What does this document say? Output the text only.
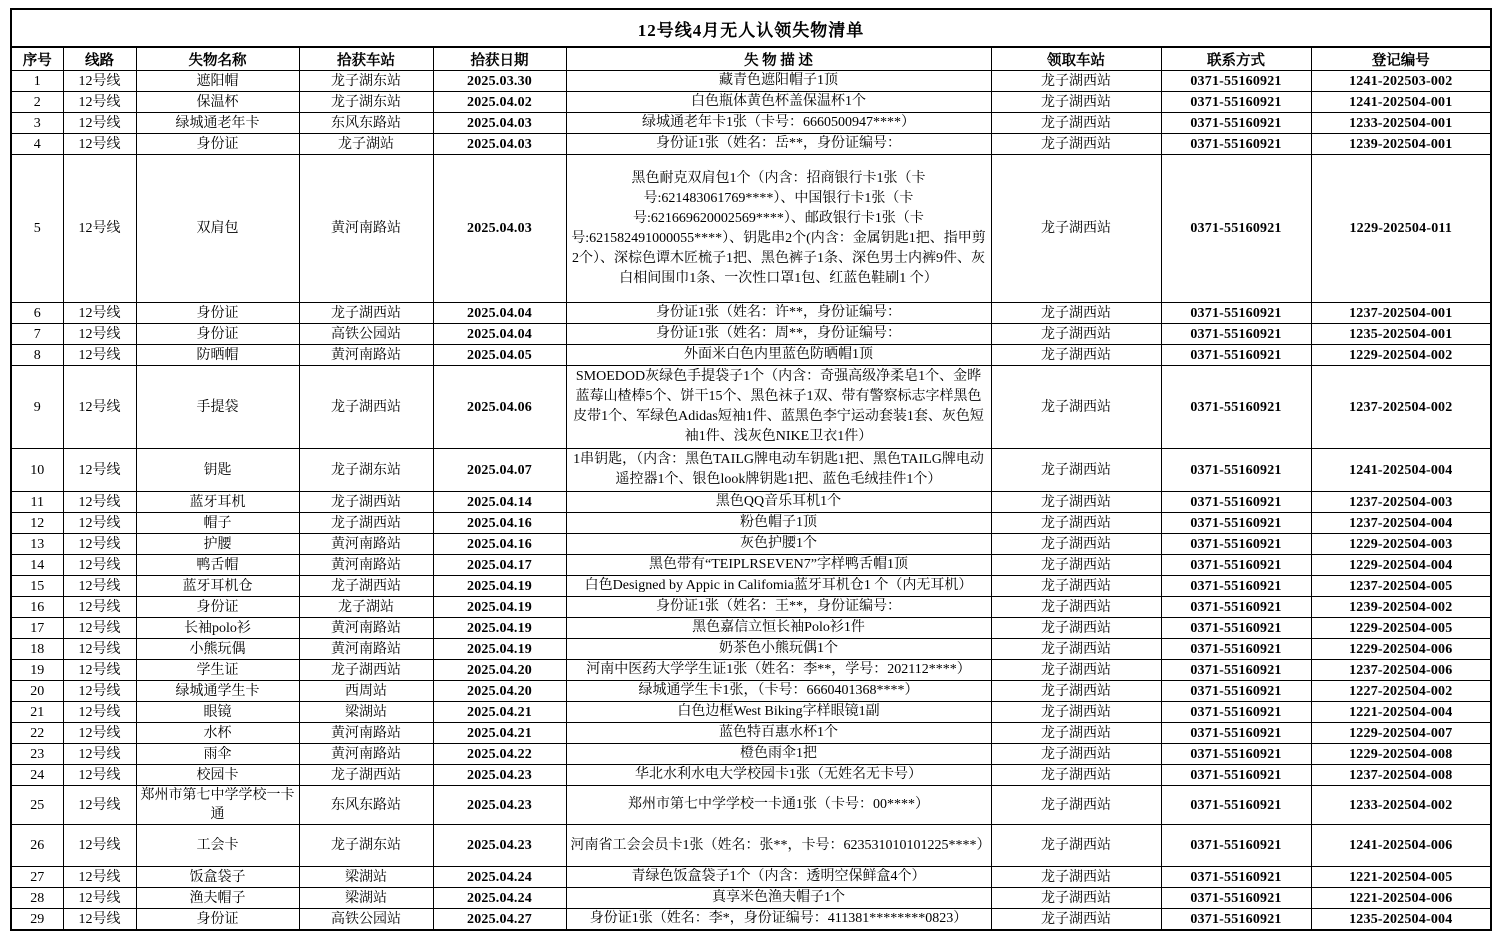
12号线4月无人认领失物清单								
序号	线路	失物名称	拾获车站	拾获日期	失 物 描 述	领取车站	联系方式	登记编号
1	12号线	遮阳帽	龙子湖东站	2025.03.30	藏青色遮阳帽子1顶	龙子湖西站	0371-55160921	1241-202503-002
2	12号线	保温杯	龙子湖东站	2025.04.02	白色瓶体黄色杯盖保温杯1个	龙子湖西站	0371-55160921	1241-202504-001
3	12号线	绿城通老年卡	东风东路站	2025.04.03	绿城通老年卡1张（卡号：6660500947****）	龙子湖西站	0371-55160921	1233-202504-001
4	12号线	身份证	龙子湖站	2025.04.03	身份证1张（姓名：岳**，身份证编号：	龙子湖西站	0371-55160921	1239-202504-001
5	12号线	双肩包	黄河南路站	2025.04.03	黑色耐克双肩包1个（内含：招商银行卡1张（卡号:621483061769****）、中国银行卡1张（卡号:621669620002569****）、邮政银行卡1张（卡号:621582491000055****）、钥匙串2个(内含：金属钥匙1把、指甲剪2个）、深棕色谭木匠梳子1把、黑色裤子1条、深色男士内裤9件、灰白相间围巾1条、一次性口罩1包、红蓝色鞋刷1 个）	龙子湖西站	0371-55160921	1229-202504-011
6	12号线	身份证	龙子湖西站	2025.04.04	身份证1张（姓名：许**，身份证编号：	龙子湖西站	0371-55160921	1237-202504-001
7	12号线	身份证	高铁公园站	2025.04.04	身份证1张（姓名：周**，身份证编号：	龙子湖西站	0371-55160921	1235-202504-001
8	12号线	防晒帽	黄河南路站	2025.04.05	外面米白色内里蓝色防晒帽1顶	龙子湖西站	0371-55160921	1229-202504-002
9	12号线	手提袋	龙子湖西站	2025.04.06	SMOEDOD灰绿色手提袋子1个（内含：奇强高级净柔皂1个、金晔蓝莓山楂棒5个、饼干15个、黑色袜子1双、带有警察标志字样黑色皮带1个、军绿色Adidas短袖1件、蓝黑色李宁运动套装1套、灰色短袖1件、浅灰色NIKE卫衣1件）	龙子湖西站	0371-55160921	1237-202504-002
10	12号线	钥匙	龙子湖东站	2025.04.07	1串钥匙，（内含：黑色TAILG牌电动车钥匙1把、黑色TAILG牌电动遥控器1个、银色look牌钥匙1把、蓝色毛绒挂件1个）	龙子湖西站	0371-55160921	1241-202504-004
11	12号线	蓝牙耳机	龙子湖西站	2025.04.14	黑色QQ音乐耳机1个	龙子湖西站	0371-55160921	1237-202504-003
12	12号线	帽子	龙子湖西站	2025.04.16	粉色帽子1顶	龙子湖西站	0371-55160921	1237-202504-004
13	12号线	护腰	黄河南路站	2025.04.16	灰色护腰1个	龙子湖西站	0371-55160921	1229-202504-003
14	12号线	鸭舌帽	黄河南路站	2025.04.17	黑色带有“TEIPLRSEVEN7”字样鸭舌帽1顶	龙子湖西站	0371-55160921	1229-202504-004
15	12号线	蓝牙耳机仓	龙子湖西站	2025.04.19	白色Designed by Appic in Califomia蓝牙耳机仓1 个（内无耳机）	龙子湖西站	0371-55160921	1237-202504-005
16	12号线	身份证	龙子湖站	2025.04.19	身份证1张（姓名：王**，身份证编号：	龙子湖西站	0371-55160921	1239-202504-002
17	12号线	长袖polo衫	黄河南路站	2025.04.19	黑色嘉信立恒长袖Polo衫1件	龙子湖西站	0371-55160921	1229-202504-005
18	12号线	小熊玩偶	黄河南路站	2025.04.19	奶茶色小熊玩偶1个	龙子湖西站	0371-55160921	1229-202504-006
19	12号线	学生证	龙子湖西站	2025.04.20	河南中医药大学学生证1张（姓名：李**，学号：202112****）	龙子湖西站	0371-55160921	1237-202504-006
20	12号线	绿城通学生卡	西周站	2025.04.20	绿城通学生卡1张，（卡号：6660401368****）	龙子湖西站	0371-55160921	1227-202504-002
21	12号线	眼镜	梁湖站	2025.04.21	白色边框West Biking字样眼镜1副	龙子湖西站	0371-55160921	1221-202504-004
22	12号线	水杯	黄河南路站	2025.04.21	蓝色特百惠水杯1个	龙子湖西站	0371-55160921	1229-202504-007
23	12号线	雨伞	黄河南路站	2025.04.22	橙色雨伞1把	龙子湖西站	0371-55160921	1229-202504-008
24	12号线	校园卡	龙子湖西站	2025.04.23	华北水利水电大学校园卡1张（无姓名无卡号）	龙子湖西站	0371-55160921	1237-202504-008
25	12号线	郑州市第七中学学校一卡通	东风东路站	2025.04.23	郑州市第七中学学校一卡通1张（卡号：00****）	龙子湖西站	0371-55160921	1233-202504-002
26	12号线	工会卡	龙子湖东站	2025.04.23	河南省工会会员卡1张（姓名：张**，卡号：623531010101225****）	龙子湖西站	0371-55160921	1241-202504-006
27	12号线	饭盒袋子	梁湖站	2025.04.24	青绿色饭盒袋子1个（内含：透明空保鲜盒4个）	龙子湖西站	0371-55160921	1221-202504-005
28	12号线	渔夫帽子	梁湖站	2025.04.24	真享米色渔夫帽子1个	龙子湖西站	0371-55160921	1221-202504-006
29	12号线	身份证	高铁公园站	2025.04.27	身份证1张（姓名：李*，身份证编号：411381********0823）	龙子湖西站	0371-55160921	1235-202504-004
